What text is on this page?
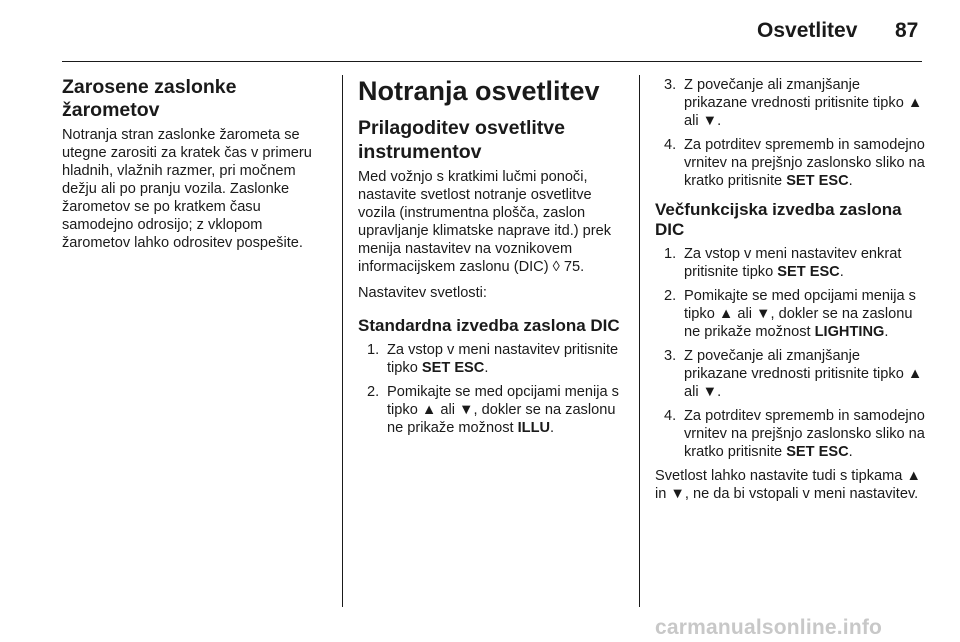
Osvetlitev 87
Zarosene zaslonke žarometov

Notranja stran zaslonke žarometa se utegne zarositi za kratek čas v primeru hladnih, vlažnih razmer, pri močnem dežju ali po pranju vozila. Zaslonke žarometov se po kratkem času samodejno odrosijo; z vklopom žarometov lahko odrositev pospešite.

Notranja osvetlitev
Prilagoditev osvetlitve instrumentov

Med vožnjo s kratkimi lučmi ponoči, nastavite svetlost notranje osvetlitve vozila (instrumentna plošča, zaslon upravljanje klimatske naprave itd.) prek menija nastavitev na voznikovem informacijskem zaslonu (DIC) ◊ 75.

Nastavitev svetlosti:

Standardna izvedba zaslona DIC
1. Za vstop v meni nastavitev pritisnite tipko SET ESC.
2. Pomikajte se med opcijami menija s tipko ▲ ali ▼, dokler se na zaslonu ne prikaže možnost ILLU.
3. Z povečanje ali zmanjšanje prikazane vrednosti pritisnite tipko ▲ ali ▼.
4. Za potrditev sprememb in samodejno vrnitev na prejšnjo zaslonsko sliko na kratko pritisnite SET ESC.
Večfunkcijska izvedba zaslona DIC
1. Za vstop v meni nastavitev enkrat pritisnite tipko SET ESC.
2. Pomikajte se med opcijami menija s tipko ▲ ali ▼, dokler se na zaslonu ne prikaže možnost LIGHTING.
3. Z povečanje ali zmanjšanje prikazane vrednosti pritisnite tipko ▲ ali ▼.
4. Za potrditev sprememb in samodejno vrnitev na prejšnjo zaslonsko sliko na kratko pritisnite SET ESC.

Svetlost lahko nastavite tudi s tipkama ▲ in ▼, ne da bi vstopali v meni nastavitev.

carmanualsonline.info
